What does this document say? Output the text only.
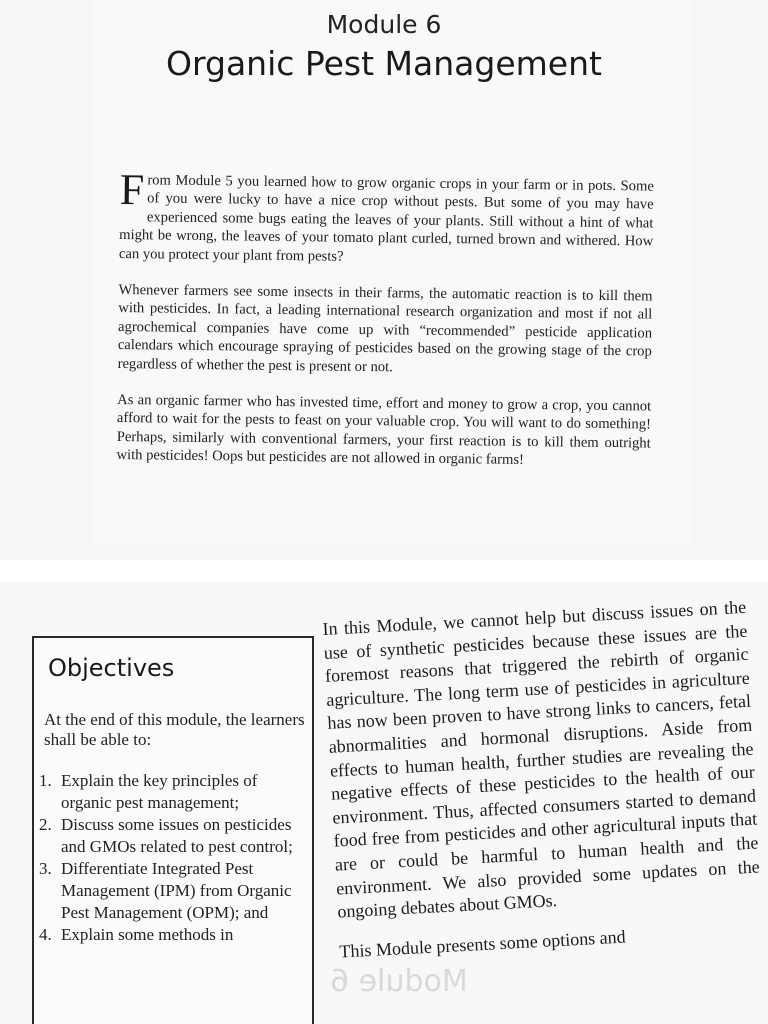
Module 6
Organic Pest Management

From Module 5 you learned how to grow organic crops in your farm or in pots. Some of you were lucky to have a nice crop without pests. But some of you may have experienced some bugs eating the leaves of your plants. Still without a hint of what might be wrong, the leaves of your tomato plant curled, turned brown and withered. How can you protect your plant from pests?

Whenever farmers see some insects in their farms, the automatic reaction is to kill them with pesticides. In fact, a leading international research organization and most if not all agrochemical companies have come up with “recommended” pesticide application calendars which encourage spraying of pesticides based on the growing stage of the crop regardless of whether the pest is present or not.

As an organic farmer who has invested time, effort and money to grow a crop, you cannot afford to wait for the pests to feast on your valuable crop. You will want to do something! Perhaps, similarly with conventional farmers, your first reaction is to kill them outright with pesticides! Oops but pesticides are not allowed in organic farms!

Module 6
Objectives
At the end of this module, the learners shall be able to:
1. Explain the key principles of organic pest management;
2. Discuss some issues on pesticides and GMOs related to pest control;
3. Differentiate Integrated Pest Management (IPM) from Organic Pest Management (OPM); and
4. Explain some methods in

In this Module, we cannot help but discuss issues on the use of synthetic pesticides because these issues are the foremost reasons that triggered the rebirth of organic agriculture. The long term use of pesticides in agriculture has now been proven to have strong links to cancers, fetal abnormalities and hormonal disruptions. Aside from effects to human health, further studies are revealing the negative effects of these pesticides to the health of our environment. Thus, affected consumers started to demand food free from pesticides and other agricultural inputs that are or could be harmful to human health and the environment. We also provided some updates on the ongoing debates about GMOs.

This Module presents some options and
